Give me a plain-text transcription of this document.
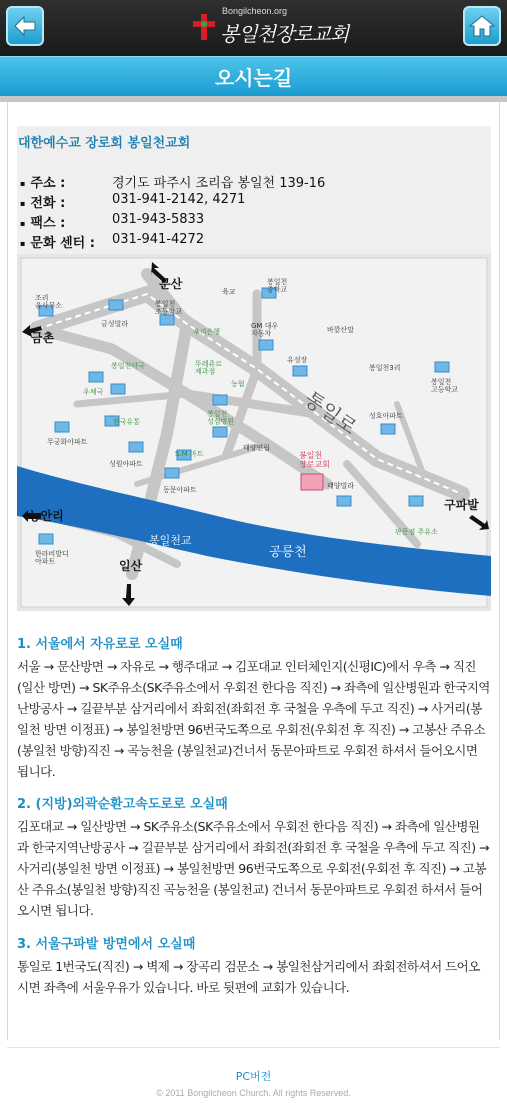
Bongilcheon.org
봉일천장로교회
오시는길
대한예수교 장로회 봉일천교회
▪ 주소 :	경기도 파주시 조리읍 봉일천 139-16
▪ 전화 :	031-941-2142, 4271
▪ 팩스 :	031-943-5833
▪ 문화 센터 :	031-941-4272
문산
금촌
능안리
일산
구파발
봉일천교
공릉천
통일로
조리 읍사무소
금성빌라
봉일천 초등학교
육교
봉일천 중학교
GM 대우 자동차	바깥산말
우리은행
뚜레쥬르 제과점
유성장
봉일천3리
봉일천 고등학교
우체국
봉일천약국
농협
한국유통
봉일천 성심병원
성호아파트
무궁화아파트
S.M 마트
태양연립
봉일천 장로교회
태양빌라
성원아파트
동문아파트
한라비발디 아파트
판문점 주유소
1. 서울에서 자유로로 오실때
서울 → 문산방면 → 자유로 → 행주대교 → 김포대교 인터체인지(신평IC)에서 우측 → 직진(일산 방면) → SK주유소(SK주유소에서 우회전 한다음 직진) → 좌측에 일산병원과 한국지역난방공사 → 길끝부분 삼거리에서 좌회전(좌회전 후 국철을 우측에 두고 직진) → 사거리(봉일천 방면 이정표) → 봉일천방면 96번국도쪽으로 우회전(우회전 후 직진) → 고봉산 주유소(봉일천 방향)직진 → 곡능천을 (봉일천교)건너서 동문아파트로 우회전 하셔서 들어오시면 됩니다.
2. (지방)외곽순환고속도로로 오실때
김포대교 → 일산방면 → SK주유소(SK주유소에서 우회전 한다음 직진) → 좌측에 일산병원과 한국지역난방공사 → 길끝부분 삼거리에서 좌회전(좌회전 후 국철을 우측에 두고 직진) → 사거리(봉일천 방면 이정표) → 봉일천방면 96번국도쪽으로 우회전(우회전 후 직진) → 고봉산 주유소(봉일천 방향)직진 곡능천을 (봉일천교) 건너서 동문아파트로 우회전 하셔서 들어오시면 됩니다.
3. 서울구파발 방면에서 오실때
통일로 1번국도(직진) → 벽제 → 장곡리 검문소 → 봉일천삼거리에서 좌회전하셔서 드어오시면 좌측에 서울우유가 있습니다. 바로 뒷편에 교회가 있습니다.
PC버전
© 2011 Bongilcheon Church. All rights Reserved.
